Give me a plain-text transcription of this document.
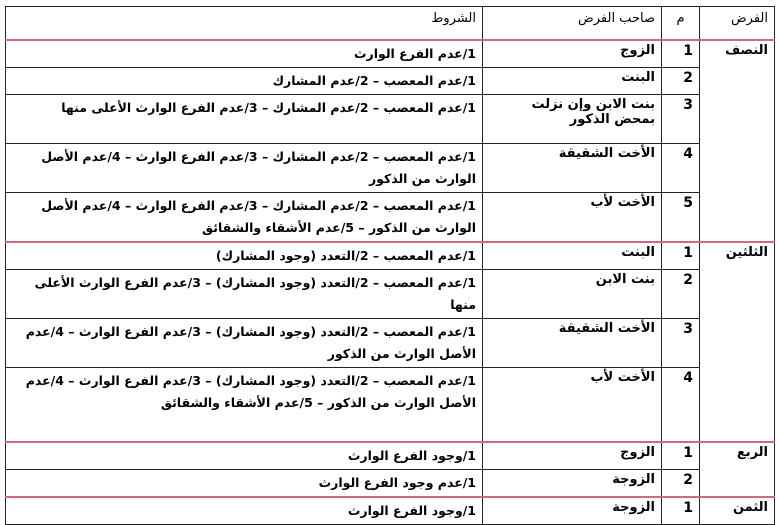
الفرض	م	صاحب الفرض	الشروط
النصف	1	الزوج	1/عدم الفرع الوارث
	2	البنت	1/عدم المعصب – 2/عدم المشارك
	3	بنت الابن وإن نزلت بمحض الذكور	1/عدم المعصب – 2/عدم المشارك – 3/عدم الفرع الوارث الأعلى منها
	4	الأخت الشقيقة	1/عدم المعصب – 2/عدم المشارك – 3/عدم الفرع الوارث – 4/عدم الأصل الوارث من الذكور
	5	الأخت لأب	1/عدم المعصب – 2/عدم المشارك – 3/عدم الفرع الوارث – 4/عدم الأصل الوارث من الذكور – 5/عدم الأشقاء والشقائق
الثلثين	1	البنت	1/عدم المعصب – 2/التعدد (وجود المشارك)
	2	بنت الابن	1/عدم المعصب – 2/التعدد (وجود المشارك) – 3/عدم الفرع الوارث الأعلى منها
	3	الأخت الشقيقة	1/عدم المعصب – 2/التعدد (وجود المشارك) – 3/عدم الفرع الوارث – 4/عدم الأصل الوارث من الذكور
	4	الأخت لأب	1/عدم المعصب – 2/التعدد (وجود المشارك) – 3/عدم الفرع الوارث – 4/عدم الأصل الوارث من الذكور – 5/عدم الأشقاء والشقائق
الربع	1	الزوج	1/وجود الفرع الوارث
	2	الزوجة	1/عدم وجود الفرع الوارث
الثمن	1	الزوجة	1/وجود الفرع الوارث
